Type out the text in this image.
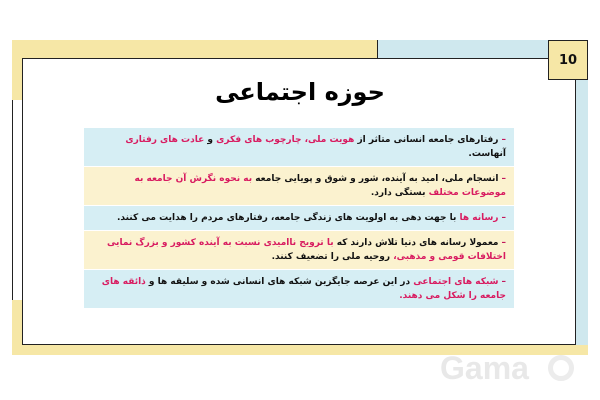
10
حوزه اجتماعی
–رفتارهای جامعه انسانی متاثر از هویت ملی، چارچوب های فکری و عادت های رفتاری آنهاست.
–انسجام ملی، امید به آینده، شور و شوق و پویایی جامعه به نحوه نگرش آن جامعه به موضوعات مختلف بستگی دارد.
–رسانه ها با جهت دهی به اولویت های زندگی جامعه، رفتارهای مردم را هدایت می کنند.
–معمولا رسانه های دنیا تلاش دارند که با ترویج ناامیدی نسبت به آینده کشور و بزرگ نمایی اختلافات قومی و مذهبی، روحیه ملی را تضعیف کنند.
–شبکه های اجتماعی در این عرصه جایگزین شبکه های انسانی شده و سلیقه ها و ذائقه های جامعه را شکل می دهند.
Gama
